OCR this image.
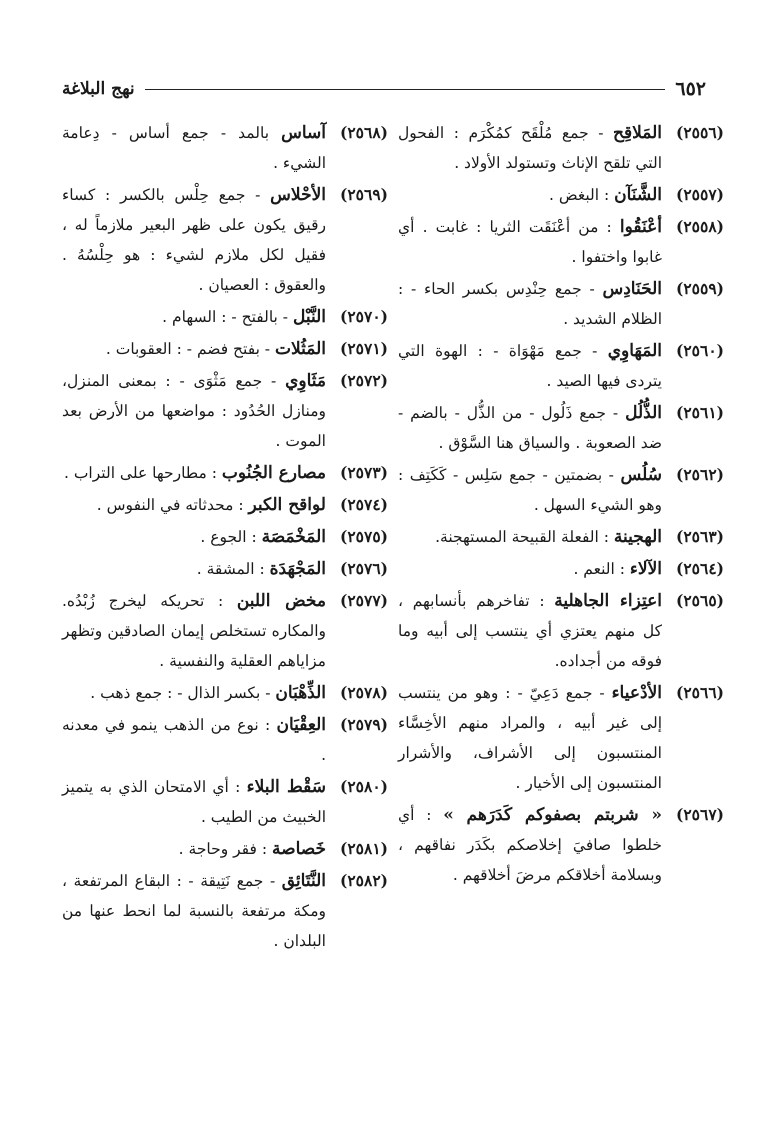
٦٥٢
نهج البلاغة
(٢٥٥٦)
المَلاقِح - جمع مُلْقَح كمُكْرَم : الفحول التي تلقح الإناث وتستولد الأولاد .
(٢٥٥٧)
الشَّنَآن : البغض .
(٢٥٥٨)
أعْنَقُوا : من أعْنَقَت الثريا : غابت . أي غابوا واختفوا .
(٢٥٥٩)
الحَنَادِس - جمع حِنْدِس بكسر الحاء - : الظلام الشديد .
(٢٥٦٠)
المَهَاوِي - جمع مَهْوَاة - : الهوة التي يتردى فيها الصيد .
(٢٥٦١)
الذُّلُل - جمع ذَلُول - من الذُّل - بالضم - ضد الصعوبة . والسياق هنا السَّوْق .
(٢٥٦٢)
سُلُس - بضمتين - جمع سَلِس - كَكَتِف : وهو الشيء السهل .
(٢٥٦٣)
الهجينة : الفعلة القبيحة المستهجنة.
(٢٥٦٤)
الآلاء : النعم .
(٢٥٦٥)
اعتِزاء الجاهلية : تفاخرهم بأنسابهم ، كل منهم يعتزي أي ينتسب إلى أبيه وما فوقه من أجداده.
(٢٥٦٦)
الأدْعياء - جمع دَعِيّ - : وهو من ينتسب إلى غير أبيه ، والمراد منهم الأخِسَّاء المنتسبون إلى الأشراف، والأشرار المنتسبون إلى الأخيار .
(٢٥٦٧)
« شربتم بصفوكم كَدَرَهم » : أي خلطوا صافيَ إخلاصكم بكَدَر نفاقهم ، وبسلامة أخلاقكم مرضَ أخلاقهم .
(٢٥٦٨)
آساس بالمد - جمع أساس - دِعامة الشيء .
(٢٥٦٩)
الأحْلاس - جمع حِلْس بالكسر : كساء رقيق يكون على ظهر البعير ملازماً له ، فقيل لكل ملازم لشيء : هو حِلْسُهُ . والعقوق : العصيان .
(٢٥٧٠)
النَّبْل - بالفتح - : السهام .
(٢٥٧١)
المَثُلات - بفتح فضم - : العقوبات .
(٢٥٧٢)
مَثَاوِي - جمع مَثْوَى - : بمعنى المنزل، ومنازل الحُدُود : مواضعها من الأرض بعد الموت .
(٢٥٧٣)
مصارع الجُنُوب : مطارحها على التراب .
(٢٥٧٤)
لواقح الكبر : محدثاته في النفوس .
(٢٥٧٥)
المَخْمَصَة : الجوع .
(٢٥٧٦)
المَجْهَدَة : المشقة .
(٢٥٧٧)
مخض اللبن : تحريكه ليخرج زُبْدُه. والمكاره تستخلص إيمان الصادقين وتظهر مزاياهم العقلية والنفسية .
(٢٥٧٨)
الذِّهْبَان - بكسر الذال - : جمع ذهب .
(٢٥٧٩)
العِقْيَان : نوع من الذهب ينمو في معدنه .
(٢٥٨٠)
سَقْط البلاء : أي الامتحان الذي به يتميز الخبيث من الطيب .
(٢٥٨١)
خَصاصة : فقر وحاجة .
(٢٥٨٢)
النَّتَائِق - جمع نَتِيقة - : البقاع المرتفعة ، ومكة مرتفعة بالنسبة لما انحط عنها من البلدان .
